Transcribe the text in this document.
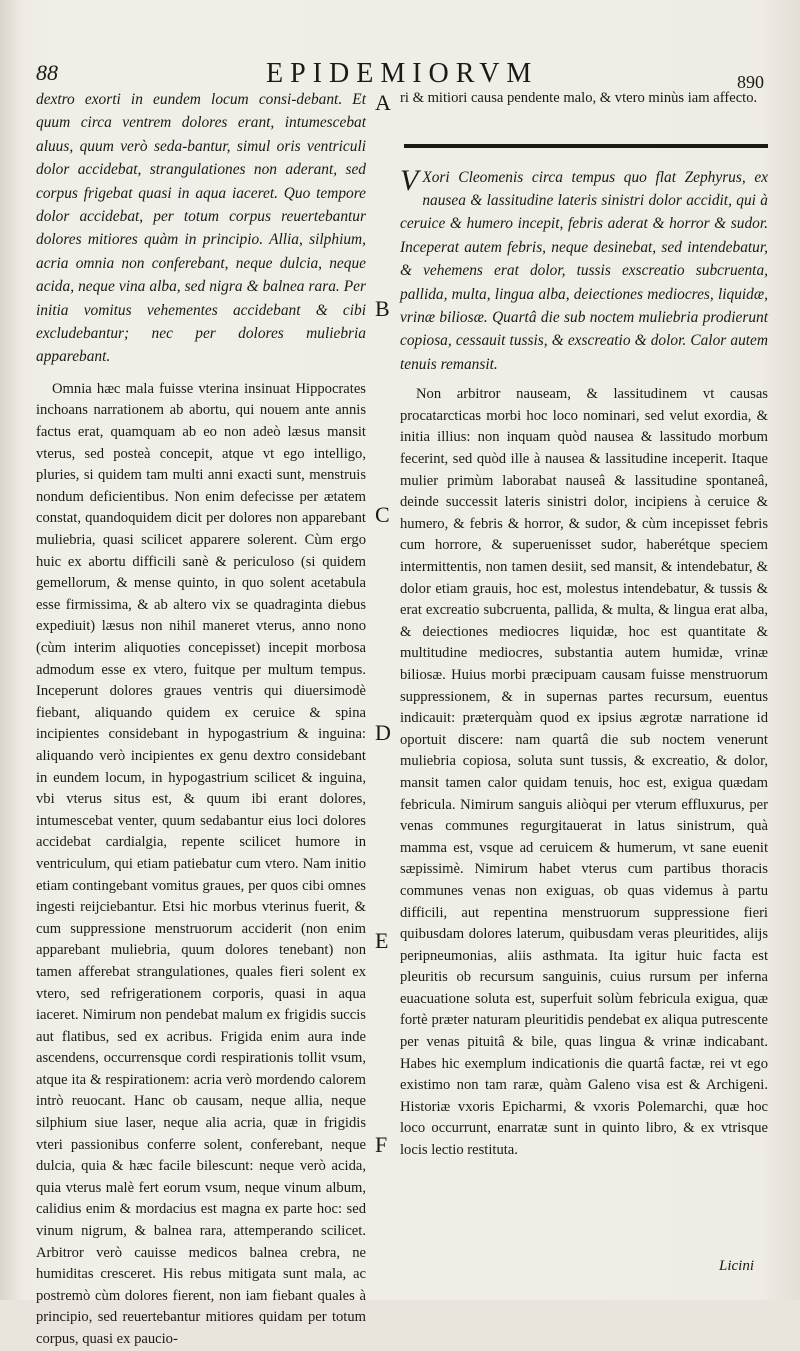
88	EPIDEMIORVM	890

dextro exorti in eundem locum consi-debant. Et quum circa ventrem dolores erant, intumescebat aluus, quum verò seda-bantur, simul oris ventriculi dolor accidebat, strangulationes non aderant, sed corpus frigebat quasi in aqua iaceret. Quo tempore dolor accidebat, per totum corpus reuertebantur dolores mitiores quàm in principio. Allia, silphium, acria omnia non conferebant, neque dulcia, neque acida, neque vina alba, sed nigra & balnea rara. Per initia vomitus vehementes accidebant & cibi excludebantur; nec per dolores muliebria apparebant.

Omnia hæc mala fuisse vterina insinuat Hippocrates inchoans narrationem ab abortu, qui nouem ante annis factus erat, quamquam ab eo non adeò læsus mansit vterus, sed posteà concepit, atque vt ego intelligo, pluries, si quidem tam multi anni exacti sunt, menstruis nondum deficientibus. Non enim defecisse per ætatem constat, quandoquidem dicit per dolores non apparebant muliebria, quasi scilicet apparere solerent. Cùm ergo huic ex abortu difficili sanè & periculoso (si quidem gemellorum, & mense quinto, in quo solent acetabula esse firmissima, & ab altero vix se quadraginta diebus expediuit) læsus non nihil maneret vterus, anno nono (cùm interim aliquoties concepisset) incepit morbosa admodum esse ex vtero, fuitque per multum tempus. Inceperunt dolores graues ventris qui diuersimodè fiebant, aliquando quidem ex ceruice & spina incipientes considebant in hypogastrium & inguina: aliquando verò incipientes ex genu dextro considebant in eundem locum, in hypogastrium scilicet & inguina, vbi vterus situs est, & quum ibi erant dolores, intumescebat venter, quum sedabantur eius loci dolores accidebat cardialgia, repente scilicet humore in ventriculum, qui etiam patiebatur cum vtero. Nam initio etiam contingebant vomitus graues, per quos cibi omnes ingesti reijciebantur. Etsi hic morbus vterinus fuerit, & cum suppressione menstruorum acciderit (non enim apparebant muliebria, quum dolores tenebant) non tamen afferebat strangulationes, quales fieri solent ex vtero, sed refrigerationem corporis, quasi in aqua iaceret. Nimirum non pendebat malum ex frigidis succis aut flatibus, sed ex acribus. Frigida enim aura inde ascendens, occurrensque cordi respirationis tollit vsum, atque ita & respirationem: acria verò mordendo calorem intrò reuocant. Hanc ob causam, neque allia, neque silphium siue laser, neque alia acria, quæ in frigidis vteri passionibus conferre solent, conferebant, neque dulcia, quia & hæc facile bilescunt: neque verò acida, quia vterus malè fert eorum vsum, neque vinum album, calidius enim & mordacius est magna ex parte hoc: sed vinum nigrum, & balnea rara, attemperando scilicet. Arbitror verò cauisse medicos balnea crebra, ne humiditas cresceret. His rebus mitigata sunt mala, ac postremò cùm dolores fierent, non iam fiebant quales à principio, sed reuertebantur mitiores quidam per totum corpus, quasi ex paucio-

ri & mitiori causa pendente malo, & vtero minùs iam affecto.

V Xori Cleomenis circa tempus quo flat Zephyrus, ex nausea & lassitudine lateris sinistri dolor accidit, qui à ceruice & humero incepit, febris aderat & horror & sudor. Inceperat autem febris, neque desinebat, sed intendebatur, & vehemens erat dolor, tussis exscreatio subcruenta, pallida, multa, lingua alba, deiectiones mediocres, liquidæ, vrinæ biliosæ. Quartâ die sub noctem muliebria prodierunt copiosa, cessauit tussis, & exscreatio & dolor. Calor autem tenuis remansit.

Non arbitror nauseam, & lassitudinem vt causas procatarcticas morbi hoc loco nominari, sed velut exordia, & initia illius: non inquam quòd nausea & lassitudo morbum fecerint, sed quòd ille à nausea & lassitudine inceperit. Itaque mulier primùm laborabat nauseâ & lassitudine spontaneâ, deinde successit lateris sinistri dolor, incipiens à ceruice & humero, & febris & horror, & sudor, & cùm incepisset febris cum horrore, & superuenisset sudor, haberétque speciem intermittentis, non tamen desiit, sed mansit, & intendebatur, & dolor etiam grauis, hoc est, molestus intendebatur, & tussis & erat excreatio subcruenta, pallida, & multa, & lingua erat alba, & deiectiones mediocres liquidæ, hoc est quantitate & multitudine mediocres, substantia autem humidæ, vrinæ biliosæ. Huius morbi præcipuam causam fuisse menstruorum suppressionem, & in supernas partes recursum, euentus indicauit: præterquàm quod ex ipsius ægrotæ narratione id oportuit discere: nam quartâ die sub noctem venerunt muliebria copiosa, soluta sunt tussis, & excreatio, & dolor, mansit tamen calor quidam tenuis, hoc est, exigua quædam febricula. Nimirum sanguis aliòqui per vterum effluxurus, per venas communes regurgitauerat in latus sinistrum, quà mamma est, vsque ad ceruicem & humerum, vt sane euenit sæpissimè. Nimirum habet vterus cum partibus thoracis communes venas non exiguas, ob quas videmus à partu difficili, aut repentina menstruorum suppressione fieri quibusdam dolores laterum, quibusdam veras pleuritides, alijs peripneumonias, aliis asthmata. Ita igitur huic facta est pleuritis ob recursum sanguinis, cuius rursum per inferna euacuatione soluta est, superfuit solùm febricula exigua, quæ fortè præter naturam pleuritidis pendebat ex aliqua putrescente per venas pituitâ & bile, quas lingua & vrinæ indicabant. Habes hic exemplum indicationis die quartâ factæ, rei vt ego existimo non tam raræ, quàm Galeno visa est & Archigeni. Historiæ vxoris Epicharmi, & vxoris Polemarchi, quæ hoc loco occurrunt, enarratæ sunt in quinto libro, & ex vtrisque locis lectio restituta.

A
B
C
D
E
F
Licini
